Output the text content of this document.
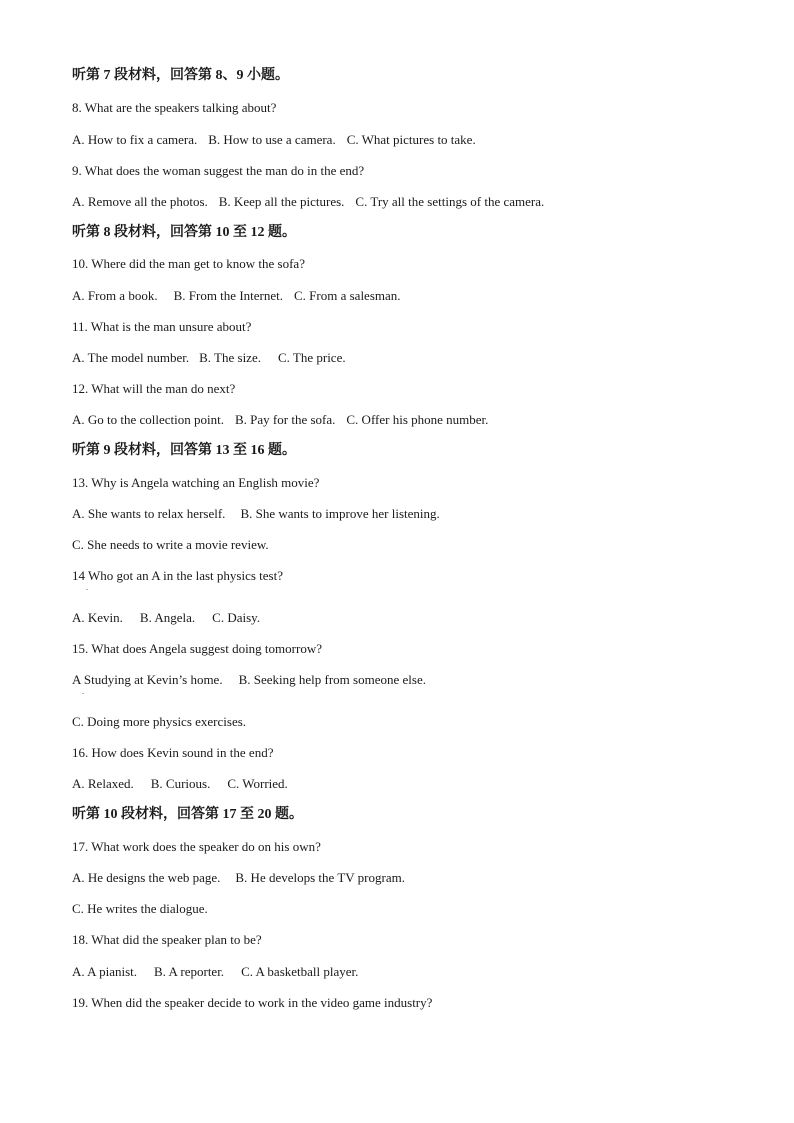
听第 7 段材料，回答第 8、9 小题。
8. What are the speakers talking about?
A. How to fix a camera. B. How to use a camera. C. What pictures to take.
9. What does the woman suggest the man do in the end?
A. Remove all the photos. B. Keep all the pictures. C. Try all the settings of the camera.
听第 8 段材料，回答第 10 至 12 题。
10. Where did the man get to know the sofa?
A. From a book. B. From the Internet. C. From a salesman.
11. What is the man unsure about?
A. The model number. B. The size. C. The price.
12. What will the man do next?
A. Go to the collection point. B. Pay for the sofa. C. Offer his phone number.
听第 9 段材料，回答第 13 至 16 题。
13. Why is Angela watching an English movie?
A. She wants to relax herself. B. She wants to improve her listening.
C. She needs to write a movie review.
14 Who got an A in the last physics test?
.
A. Kevin. B. Angela. C. Daisy.
15. What does Angela suggest doing tomorrow?
A Studying at Kevin’s home. B. Seeking help from someone else.
.
C. Doing more physics exercises.
16. How does Kevin sound in the end?
A. Relaxed. B. Curious. C. Worried.
听第 10 段材料，回答第 17 至 20 题。
17. What work does the speaker do on his own?
A. He designs the web page. B. He develops the TV program.
C. He writes the dialogue.
18. What did the speaker plan to be?
A. A pianist. B. A reporter. C. A basketball player.
19. When did the speaker decide to work in the video game industry?
